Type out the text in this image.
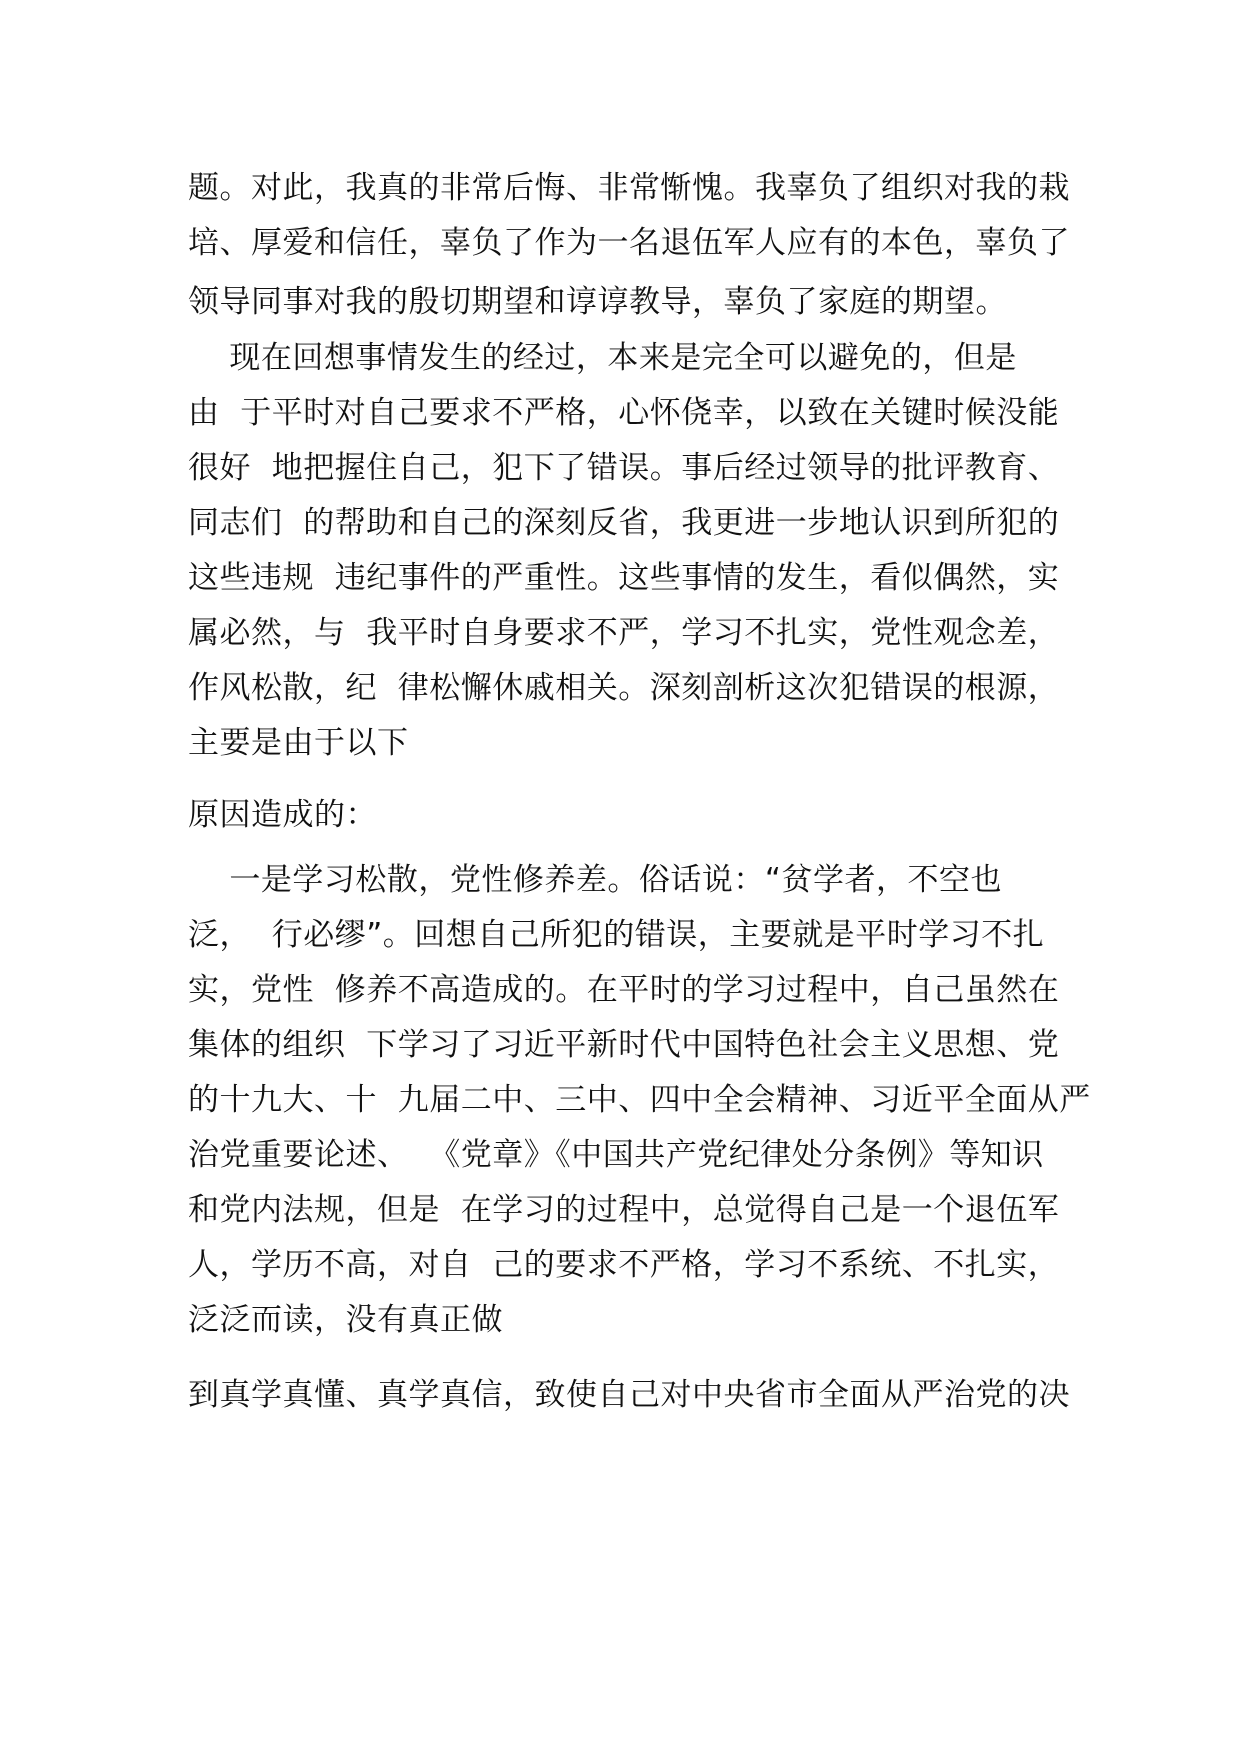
题。对此，我真的非常后悔、非常惭愧。我辜负了组织对我的栽
培、厚爱和信任，辜负了作为一名退伍军人应有的本色，辜负了
领导同事对我的殷切期望和谆谆教导，辜负了家庭的期望。
现在回想事情发生的经过，本来是完全可以避免的，但是
由  于平时对自己要求不严格，心怀侥幸，以致在关键时候没能
很好  地把握住自己，犯下了错误。事后经过领导的批评教育、
同志们  的帮助和自己的深刻反省，我更进一步地认识到所犯的
这些违规  违纪事件的严重性。这些事情的发生，看似偶然，实
属必然，与  我平时自身要求不严，学习不扎实，党性观念差，
作风松散，纪  律松懈休戚相关。深刻剖析这次犯错误的根源，
主要是由于以下
原因造成的：
一是学习松散，党性修养差。俗话说：“贫学者，不空也
泛，  行必缪”。回想自己所犯的错误，主要就是平时学习不扎
实，党性  修养不高造成的。在平时的学习过程中，自己虽然在
集体的组织  下学习了习近平新时代中国特色社会主义思想、党
的十九大、十  九届二中、三中、四中全会精神、习近平全面从严
治党重要论述、  《党章》《中国共产党纪律处分条例》等知识
和党内法规，但是  在学习的过程中，总觉得自己是一个退伍军
人，学历不高，对自  己的要求不严格，学习不系统、不扎实，
泛泛而读，没有真正做
到真学真懂、真学真信，致使自己对中央省市全面从严治党的决
